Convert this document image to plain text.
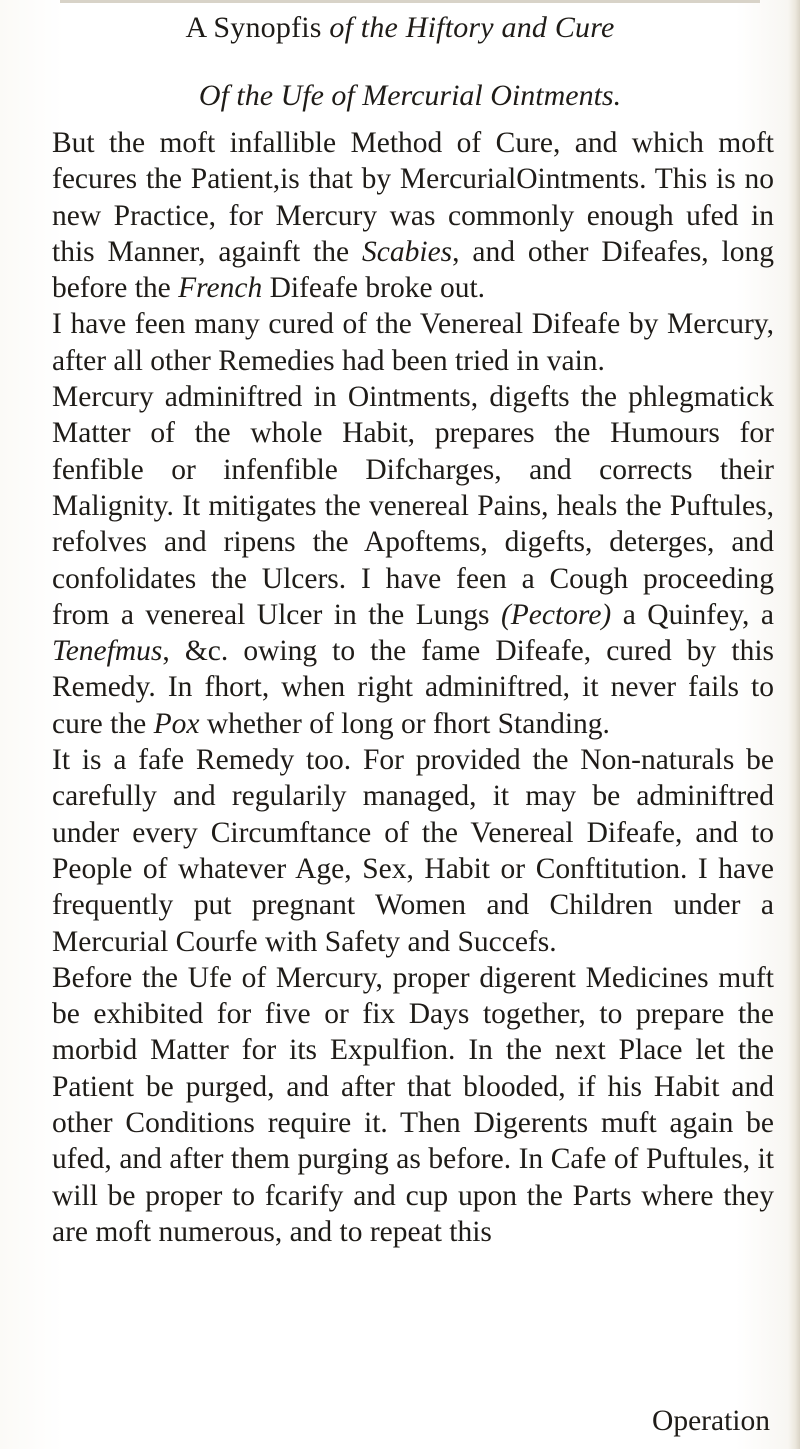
A Synopfis of the Hiftory and Cure
Of the Ufe of Mercurial Ointments.

But the moft infallible Method of Cure, and which moft fecures the Patient,is that by MercurialOintments. This is no new Practice, for Mercury was commonly enough ufed in this Manner, againft the Scabies, and other Difeafes, long before the French Difeafe broke out.

I have feen many cured of the Venereal Difeafe by Mercury, after all other Remedies had been tried in vain.

Mercury adminiftred in Ointments, digefts the phlegmatick Matter of the whole Habit, prepares the Humours for fenfible or infenfible Difcharges, and corrects their Malignity. It mitigates the venereal Pains, heals the Puftules, refolves and ripens the Apoftems, digefts, deterges, and confolidates the Ulcers. I have feen a Cough proceeding from a venereal Ulcer in the Lungs (Pectore) a Quinfey, a Tenefmus, &c. owing to the fame Difeafe, cured by this Remedy. In fhort, when right adminiftred, it never fails to cure the Pox whether of long or fhort Standing.

It is a fafe Remedy too. For provided the Non-naturals be carefully and regularily managed, it may be adminiftred under every Circumftance of the Venereal Difeafe, and to People of whatever Age, Sex, Habit or Conftitution. I have frequently put pregnant Women and Children under a Mercurial Courfe with Safety and Succefs.

Before the Ufe of Mercury, proper digerent Medicines muft be exhibited for five or fix Days together, to prepare the morbid Matter for its Expulfion. In the next Place let the Patient be purged, and after that blooded, if his Habit and other Conditions require it. Then Digerents muft again be ufed, and after them purging as before. In Cafe of Puftules, it will be proper to fcarify and cup upon the Parts where they are moft numerous, and to repeat this

Operation
